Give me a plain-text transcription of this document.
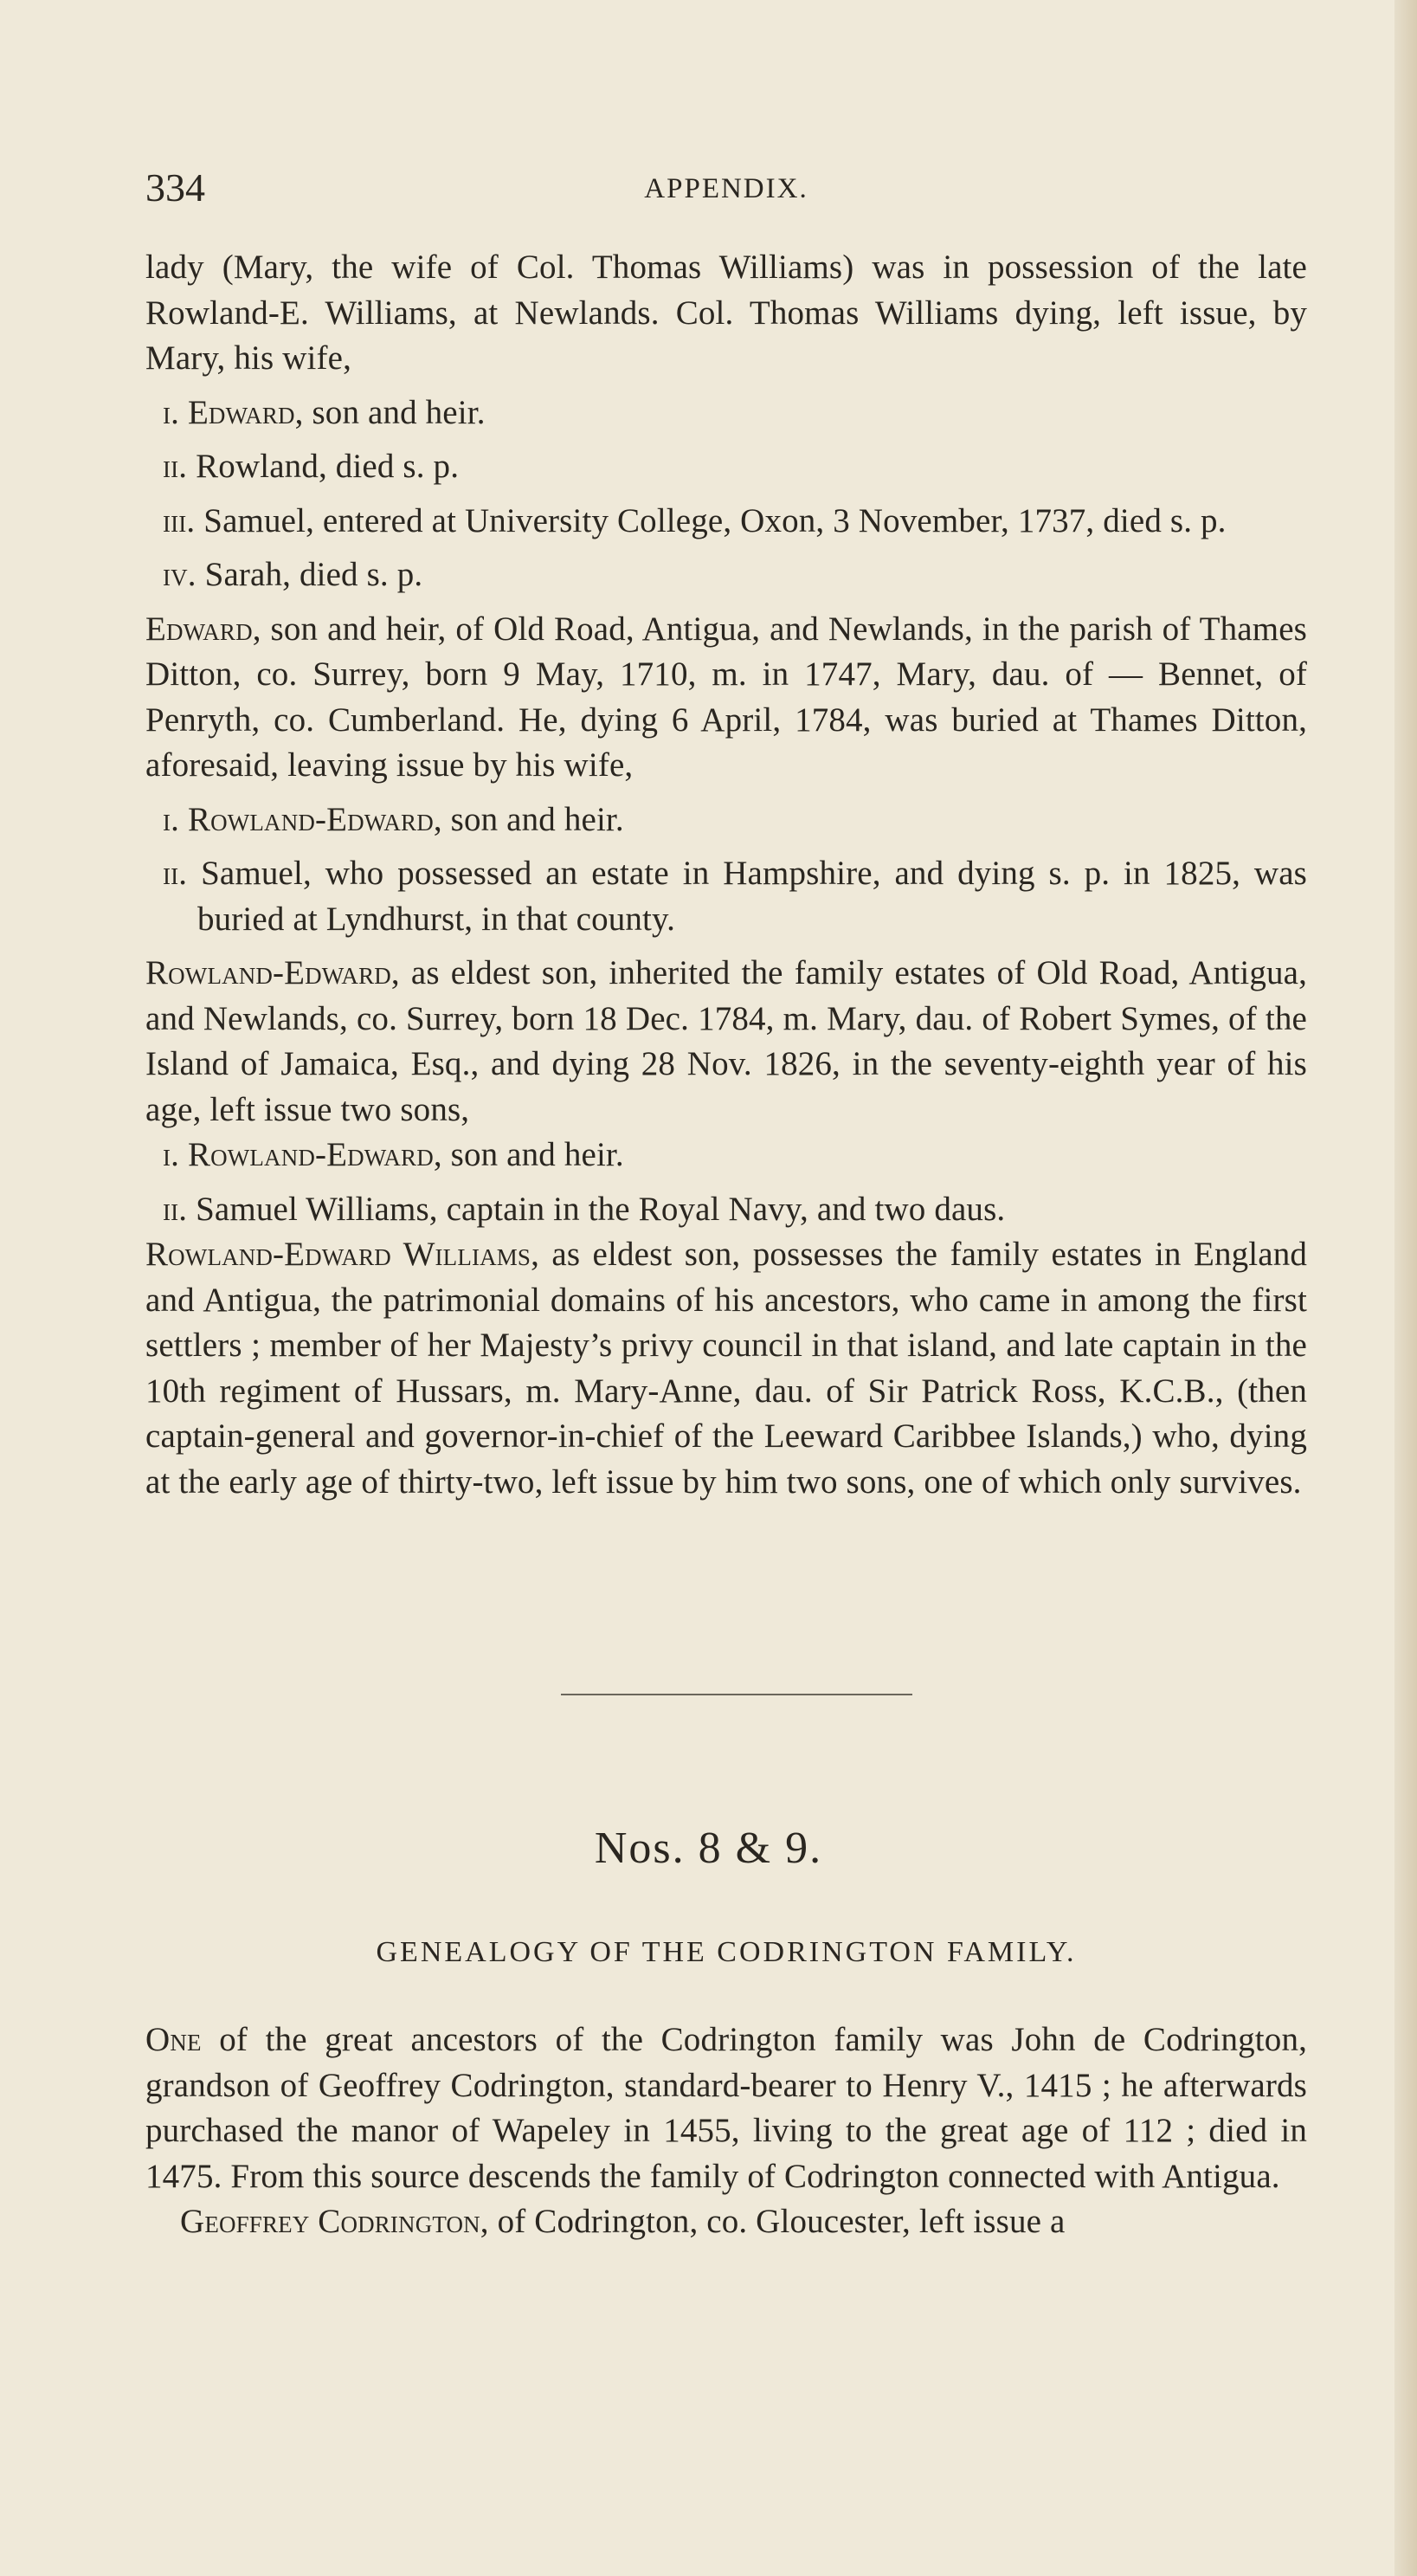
334	APPENDIX.

lady (Mary, the wife of Col. Thomas Williams) was in possession of the late Rowland-E. Williams, at Newlands. Col. Thomas Williams dying, left issue, by Mary, his wife,

i. Edward, son and heir.

ii. Rowland, died s. p.

iii. Samuel, entered at University College, Oxon, 3 November, 1737, died s. p.

iv. Sarah, died s. p.

Edward, son and heir, of Old Road, Antigua, and Newlands, in the parish of Thames Ditton, co. Surrey, born 9 May, 1710, m. in 1747, Mary, dau. of — Bennet, of Penryth, co. Cumberland. He, dying 6 April, 1784, was buried at Thames Ditton, aforesaid, leaving issue by his wife,

i. Rowland-Edward, son and heir.

ii. Samuel, who possessed an estate in Hampshire, and dying s. p. in 1825, was buried at Lyndhurst, in that county.

Rowland-Edward, as eldest son, inherited the family estates of Old Road, Antigua, and Newlands, co. Surrey, born 18 Dec. 1784, m. Mary, dau. of Robert Symes, of the Island of Jamaica, Esq., and dying 28 Nov. 1826, in the seventy-eighth year of his age, left issue two sons,

i. Rowland-Edward, son and heir.

ii. Samuel Williams, captain in the Royal Navy, and two daus.

Rowland-Edward Williams, as eldest son, possesses the family estates in England and Antigua, the patrimonial domains of his ancestors, who came in among the first settlers ; member of her Majesty’s privy council in that island, and late captain in the 10th regiment of Hussars, m. Mary-Anne, dau. of Sir Patrick Ross, K.C.B., (then captain-general and governor-in-chief of the Leeward Caribbee Islands,) who, dying at the early age of thirty-two, left issue by him two sons, one of which only survives.

Nos. 8 & 9.
GENEALOGY OF THE CODRINGTON FAMILY.

One of the great ancestors of the Codrington family was John de Codrington, grandson of Geoffrey Codrington, standard-bearer to Henry V., 1415 ; he afterwards purchased the manor of Wapeley in 1455, living to the great age of 112 ; died in 1475. From this source descends the family of Codrington connected with Antigua.

Geoffrey Codrington, of Codrington, co. Gloucester, left issue a
